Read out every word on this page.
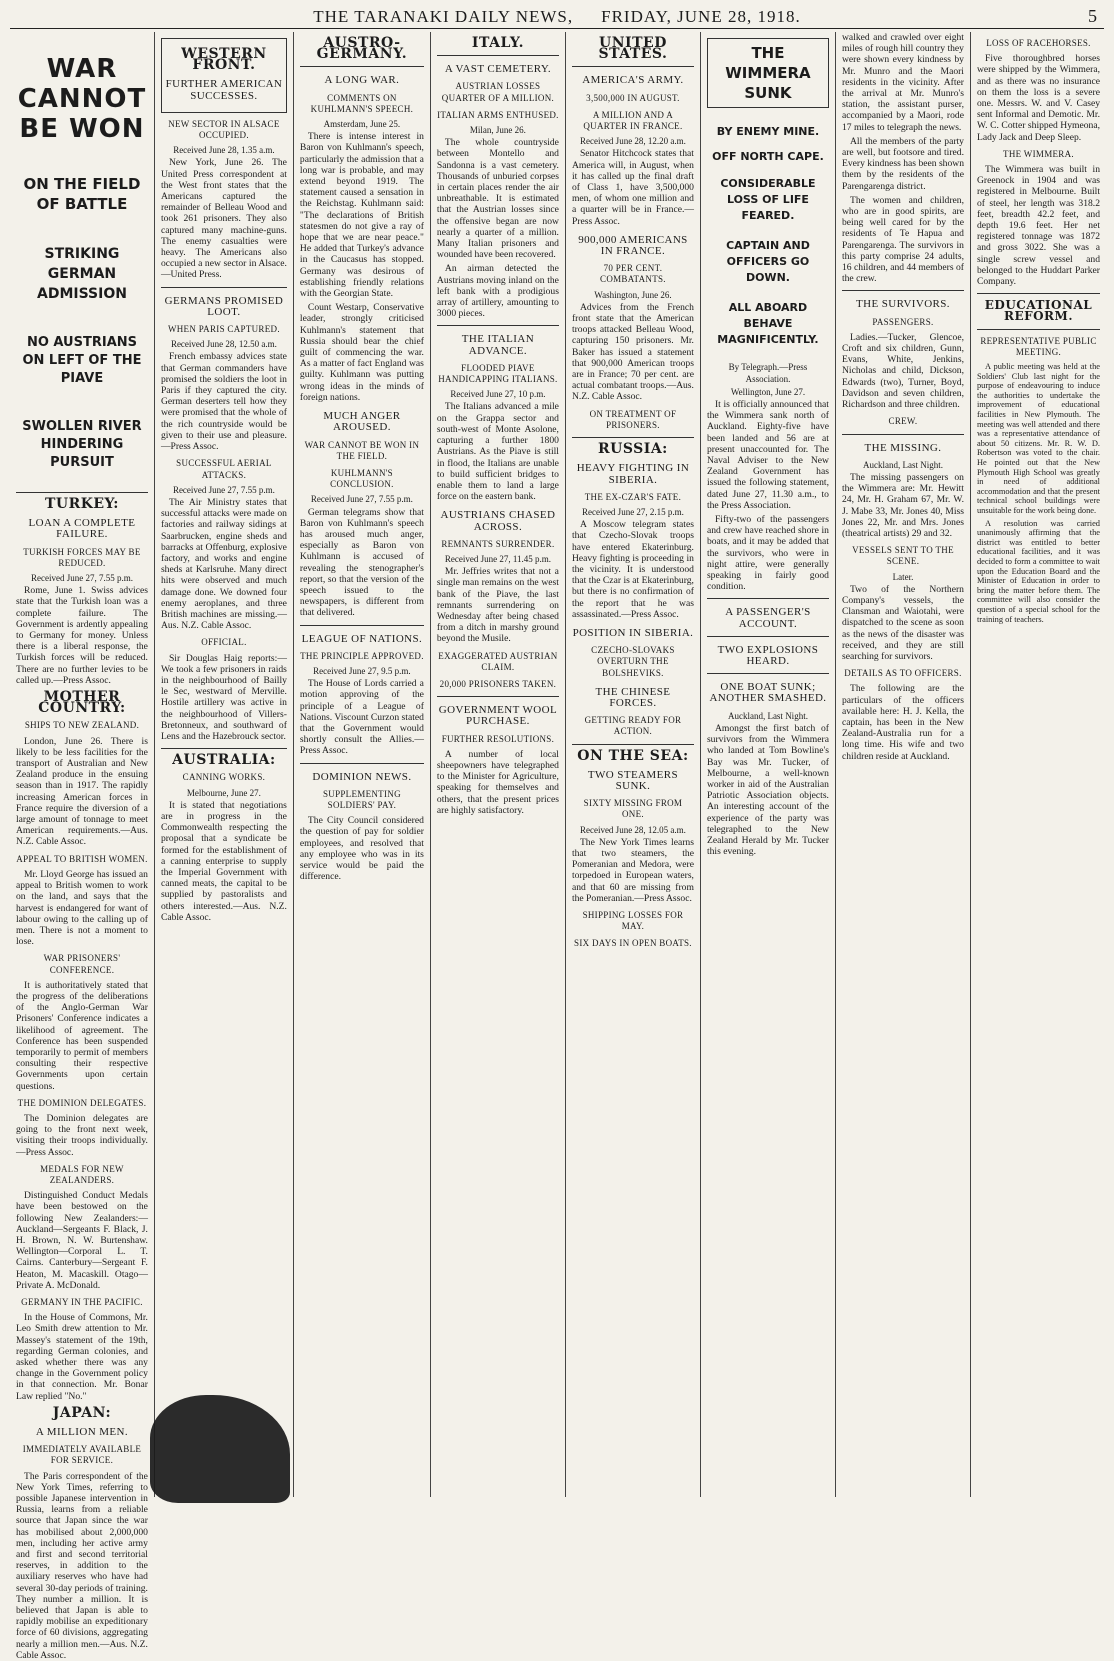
THE TARANAKI DAILY NEWS, FRIDAY, JUNE 28, 1918.	5
WAR CANNOT BE WON
ON THE FIELD OF BATTLE
STRIKING GERMAN ADMISSION
NO AUSTRIANS ON LEFT OF THE PIAVE
SWOLLEN RIVER HINDERING PURSUIT
TURKEY:
LOAN A COMPLETE FAILURE.
TURKISH FORCES MAY BE REDUCED.
Received June 27, 7.55 p.m.

Rome, June 1. Swiss advices state that the Turkish loan was a complete failure. The Government is ardently appealing to Germany for money. Unless there is a liberal response, the Turkish forces will be reduced. There are no further levies to be called up.—Press Assoc.

MOTHER COUNTRY:
SHIPS TO NEW ZEALAND.

London, June 26. There is likely to be less facilities for the transport of Australian and New Zealand produce in the ensuing season than in 1917. The rapidly increasing American forces in France require the diversion of a large amount of tonnage to meet American requirements.—Aus. N.Z. Cable Assoc.

APPEAL TO BRITISH WOMEN.

Mr. Lloyd George has issued an appeal to British women to work on the land, and says that the harvest is endangered for want of labour owing to the calling up of men. There is not a moment to lose.

WAR PRISONERS' CONFERENCE.

It is authoritatively stated that the progress of the deliberations of the Anglo-German War Prisoners' Conference indicates a likelihood of agreement. The Conference has been suspended temporarily to permit of members consulting their respective Governments upon certain questions.

THE DOMINION DELEGATES.

The Dominion delegates are going to the front next week, visiting their troops individually.—Press Assoc.

MEDALS FOR NEW ZEALANDERS.

Distinguished Conduct Medals have been bestowed on the following New Zealanders:— Auckland—Sergeants F. Black, J. H. Brown, N. W. Burtenshaw. Wellington—Corporal L. T. Cairns. Canterbury—Sergeant F. Heaton, M. Macaskill. Otago—Private A. McDonald.

GERMANY IN THE PACIFIC.

In the House of Commons, Mr. Leo Smith drew attention to Mr. Massey's statement of the 19th, regarding German colonies, and asked whether there was any change in the Government policy in that connection. Mr. Bonar Law replied "No."

JAPAN:
A MILLION MEN.
IMMEDIATELY AVAILABLE FOR SERVICE.

The Paris correspondent of the New York Times, referring to possible Japanese intervention in Russia, learns from a reliable source that Japan since the war has mobilised about 2,000,000 men, including her active army and first and second territorial reserves, in addition to the auxiliary reserves who have had several 30-day periods of training. They number a million. It is believed that Japan is able to rapidly mobilise an expeditionary force of 60 divisions, aggregating nearly a million men.—Aus. N.Z. Cable Assoc.

WESTERN FRONT.
FURTHER AMERICAN SUCCESSES.
NEW SECTOR IN ALSACE OCCUPIED.
Received June 28, 1.35 a.m.

New York, June 26. The United Press correspondent at the West front states that the Americans captured the remainder of Belleau Wood and took 261 prisoners. They also captured many machine-guns. The enemy casualties were heavy. The Americans also occupied a new sector in Alsace.—United Press.

GERMANS PROMISED LOOT.
WHEN PARIS CAPTURED.
Received June 28, 12.50 a.m.

French embassy advices state that German commanders have promised the soldiers the loot in Paris if they captured the city. German deserters tell how they were promised that the whole of the rich countryside would be given to their use and pleasure.—Press Assoc.

SUCCESSFUL AERIAL ATTACKS.
Received June 27, 7.55 p.m.

The Air Ministry states that successful attacks were made on factories and railway sidings at Saarbrucken, engine sheds and barracks at Offenburg, explosive factory, and works and engine sheds at Karlsruhe. Many direct hits were observed and much damage done. We downed four enemy aeroplanes, and three British machines are missing.—Aus. N.Z. Cable Assoc.

OFFICIAL.

Sir Douglas Haig reports:—We took a few prisoners in raids in the neighbourhood of Bailly le Sec, westward of Merville. Hostile artillery was active in the neighbourhood of Villers-Bretonneux, and southward of Lens and the Hazebrouck sector.

AUSTRALIA:
CANNING WORKS.
Melbourne, June 27.

It is stated that negotiations are in progress in the Commonwealth respecting the proposal that a syndicate be formed for the establishment of a canning enterprise to supply the Imperial Government with canned meats, the capital to be supplied by pastoralists and others interested.—Aus. N.Z. Cable Assoc.

AUSTRO-GERMANY.
A LONG WAR.
COMMENTS ON KUHLMANN'S SPEECH.
Amsterdam, June 25.

There is intense interest in Baron von Kuhlmann's speech, particularly the admission that a long war is probable, and may extend beyond 1919. The statement caused a sensation in the Reichstag. Kuhlmann said: "The declarations of British statesmen do not give a ray of hope that we are near peace." He added that Turkey's advance in the Caucasus has stopped. Germany was desirous of establishing friendly relations with the Georgian State.

Count Westarp, Conservative leader, strongly criticised Kuhlmann's statement that Russia should bear the chief guilt of commencing the war. As a matter of fact England was guilty. Kuhlmann was putting wrong ideas in the minds of foreign nations.

MUCH ANGER AROUSED.
WAR CANNOT BE WON IN THE FIELD.
KUHLMANN'S CONCLUSION.
Received June 27, 7.55 p.m.

German telegrams show that Baron von Kuhlmann's speech has aroused much anger, especially as Baron von Kuhlmann is accused of revealing the stenographer's report, so that the version of the speech issued to the newspapers, is different from that delivered.

LEAGUE OF NATIONS.
THE PRINCIPLE APPROVED.
Received June 27, 9.5 p.m.

The House of Lords carried a motion approving of the principle of a League of Nations. Viscount Curzon stated that the Government would shortly consult the Allies.—Press Assoc.

DOMINION NEWS.
SUPPLEMENTING SOLDIERS' PAY.

The City Council considered the question of pay for soldier employees, and resolved that any employee who was in its service would be paid the difference.

ITALY.
A VAST CEMETERY.
AUSTRIAN LOSSES QUARTER OF A MILLION.
ITALIAN ARMS ENTHUSED.
Milan, June 26.

The whole countryside between Montello and Sandonna is a vast cemetery. Thousands of unburied corpses in certain places render the air unbreathable. It is estimated that the Austrian losses since the offensive began are now nearly a quarter of a million. Many Italian prisoners and wounded have been recovered.

An airman detected the Austrians moving inland on the left bank with a prodigious array of artillery, amounting to 3000 pieces.

THE ITALIAN ADVANCE.
FLOODED PIAVE HANDICAPPING ITALIANS.
Received June 27, 10 p.m.

The Italians advanced a mile on the Grappa sector and south-west of Monte Asolone, capturing a further 1800 Austrians. As the Piave is still in flood, the Italians are unable to build sufficient bridges to enable them to land a large force on the eastern bank.

AUSTRIANS CHASED ACROSS.
REMNANTS SURRENDER.
Received June 27, 11.45 p.m.

Mr. Jeffries writes that not a single man remains on the west bank of the Piave, the last remnants surrendering on Wednesday after being chased from a ditch in marshy ground beyond the Musile.

EXAGGERATED AUSTRIAN CLAIM.
20,000 PRISONERS TAKEN.
GOVERNMENT WOOL PURCHASE.
FURTHER RESOLUTIONS.

A number of local sheepowners have telegraphed to the Minister for Agriculture, speaking for themselves and others, that the present prices are highly satisfactory.

UNITED STATES.
AMERICA'S ARMY.
3,500,000 IN AUGUST.
A MILLION AND A QUARTER IN FRANCE.
Received June 28, 12.20 a.m.

Senator Hitchcock states that America will, in August, when it has called up the final draft of Class 1, have 3,500,000 men, of whom one million and a quarter will be in France.—Press Assoc.

900,000 AMERICANS IN FRANCE.
70 PER CENT. COMBATANTS.
Washington, June 26.

Advices from the French front state that the American troops attacked Belleau Wood, capturing 150 prisoners. Mr. Baker has issued a statement that 900,000 American troops are in France; 70 per cent. are actual combatant troops.—Aus. N.Z. Cable Assoc.

ON TREATMENT OF PRISONERS.
RUSSIA:
HEAVY FIGHTING IN SIBERIA.
THE EX-CZAR'S FATE.
Received June 27, 2.15 p.m.

A Moscow telegram states that Czecho-Slovak troops have entered Ekaterinburg. Heavy fighting is proceeding in the vicinity. It is understood that the Czar is at Ekaterinburg, but there is no confirmation of the report that he was assassinated.—Press Assoc.

POSITION IN SIBERIA.
CZECHO-SLOVAKS OVERTURN THE BOLSHEVIKS.
THE CHINESE FORCES.
GETTING READY FOR ACTION.
ON THE SEA:
TWO STEAMERS SUNK.
SIXTY MISSING FROM ONE.
Received June 28, 12.05 a.m.

The New York Times learns that two steamers, the Pomeranian and Medora, were torpedoed in European waters, and that 60 are missing from the Pomeranian.—Press Assoc.

SHIPPING LOSSES FOR MAY.
SIX DAYS IN OPEN BOATS.
THE WIMMERA SUNK
BY ENEMY MINE.
OFF NORTH CAPE.
CONSIDERABLE LOSS OF LIFE FEARED.
CAPTAIN AND OFFICERS GO DOWN.
ALL ABOARD BEHAVE MAGNIFICENTLY.
By Telegraph.—Press Association.
Wellington, June 27.

It is officially announced that the Wimmera sank north of Auckland. Eighty-five have been landed and 56 are at present unaccounted for. The Naval Adviser to the New Zealand Government has issued the following statement, dated June 27, 11.30 a.m., to the Press Association.

Fifty-two of the passengers and crew have reached shore in boats, and it may be added that the survivors, who were in night attire, were generally speaking in fairly good condition.

A PASSENGER'S ACCOUNT.
TWO EXPLOSIONS HEARD.
ONE BOAT SUNK; ANOTHER SMASHED.
Auckland, Last Night.

Amongst the first batch of survivors from the Wimmera who landed at Tom Bowline's Bay was Mr. Tucker, of Melbourne, a well-known worker in aid of the Australian Patriotic Association objects. An interesting account of the experience of the party was telegraphed to the New Zealand Herald by Mr. Tucker this evening.

walked and crawled over eight miles of rough hill country they were shown every kindness by Mr. Munro and the Maori residents in the vicinity. After the arrival at Mr. Munro's station, the assistant purser, accompanied by a Maori, rode 17 miles to telegraph the news.

All the members of the party are well, but footsore and tired. Every kindness has been shown them by the residents of the Parengarenga district.

The women and children, who are in good spirits, are being well cared for by the residents of Te Hapua and Parengarenga. The survivors in this party comprise 24 adults, 16 children, and 44 members of the crew.

THE SURVIVORS.
PASSENGERS.

Ladies.—Tucker, Glencoe, Croft and six children, Gunn, Evans, White, Jenkins, Nicholas and child, Dickson, Edwards (two), Turner, Boyd, Davidson and seven children, Richardson and three children.

CREW.
THE MISSING.
Auckland, Last Night.

The missing passengers on the Wimmera are: Mr. Hewitt 24, Mr. H. Graham 67, Mr. W. J. Mabe 33, Mr. Jones 40, Miss Jones 22, Mr. and Mrs. Jones (theatrical artists) 29 and 32.

VESSELS SENT TO THE SCENE.
Later.

Two of the Northern Company's vessels, the Clansman and Waiotahi, were dispatched to the scene as soon as the news of the disaster was received, and they are still searching for survivors.

DETAILS AS TO OFFICERS.

The following are the particulars of the officers available here: H. J. Kella, the captain, has been in the New Zealand-Australia run for a long time. His wife and two children reside at Auckland.

LOSS OF RACEHORSES.

Five thoroughbred horses were shipped by the Wimmera, and as there was no insurance on them the loss is a severe one. Messrs. W. and V. Casey sent Informal and Demotic. Mr. W. C. Cotter shipped Hymeona, Lady Jack and Deep Sleep.

THE WIMMERA.

The Wimmera was built in Greenock in 1904 and was registered in Melbourne. Built of steel, her length was 318.2 feet, breadth 42.2 feet, and depth 19.6 feet. Her net registered tonnage was 1872 and gross 3022. She was a single screw vessel and belonged to the Huddart Parker Company.

EDUCATIONAL REFORM.
REPRESENTATIVE PUBLIC MEETING.

A public meeting was held at the Soldiers' Club last night for the purpose of endeavouring to induce the authorities to undertake the improvement of educational facilities in New Plymouth. The meeting was well attended and there was a representative attendance of about 50 citizens. Mr. R. W. D. Robertson was voted to the chair. He pointed out that the New Plymouth High School was greatly in need of additional accommodation and that the present technical school buildings were unsuitable for the work being done.

A resolution was carried unanimously affirming that the district was entitled to better educational facilities, and it was decided to form a committee to wait upon the Education Board and the Minister of Education in order to bring the matter before them. The committee will also consider the question of a special school for the training of teachers.
